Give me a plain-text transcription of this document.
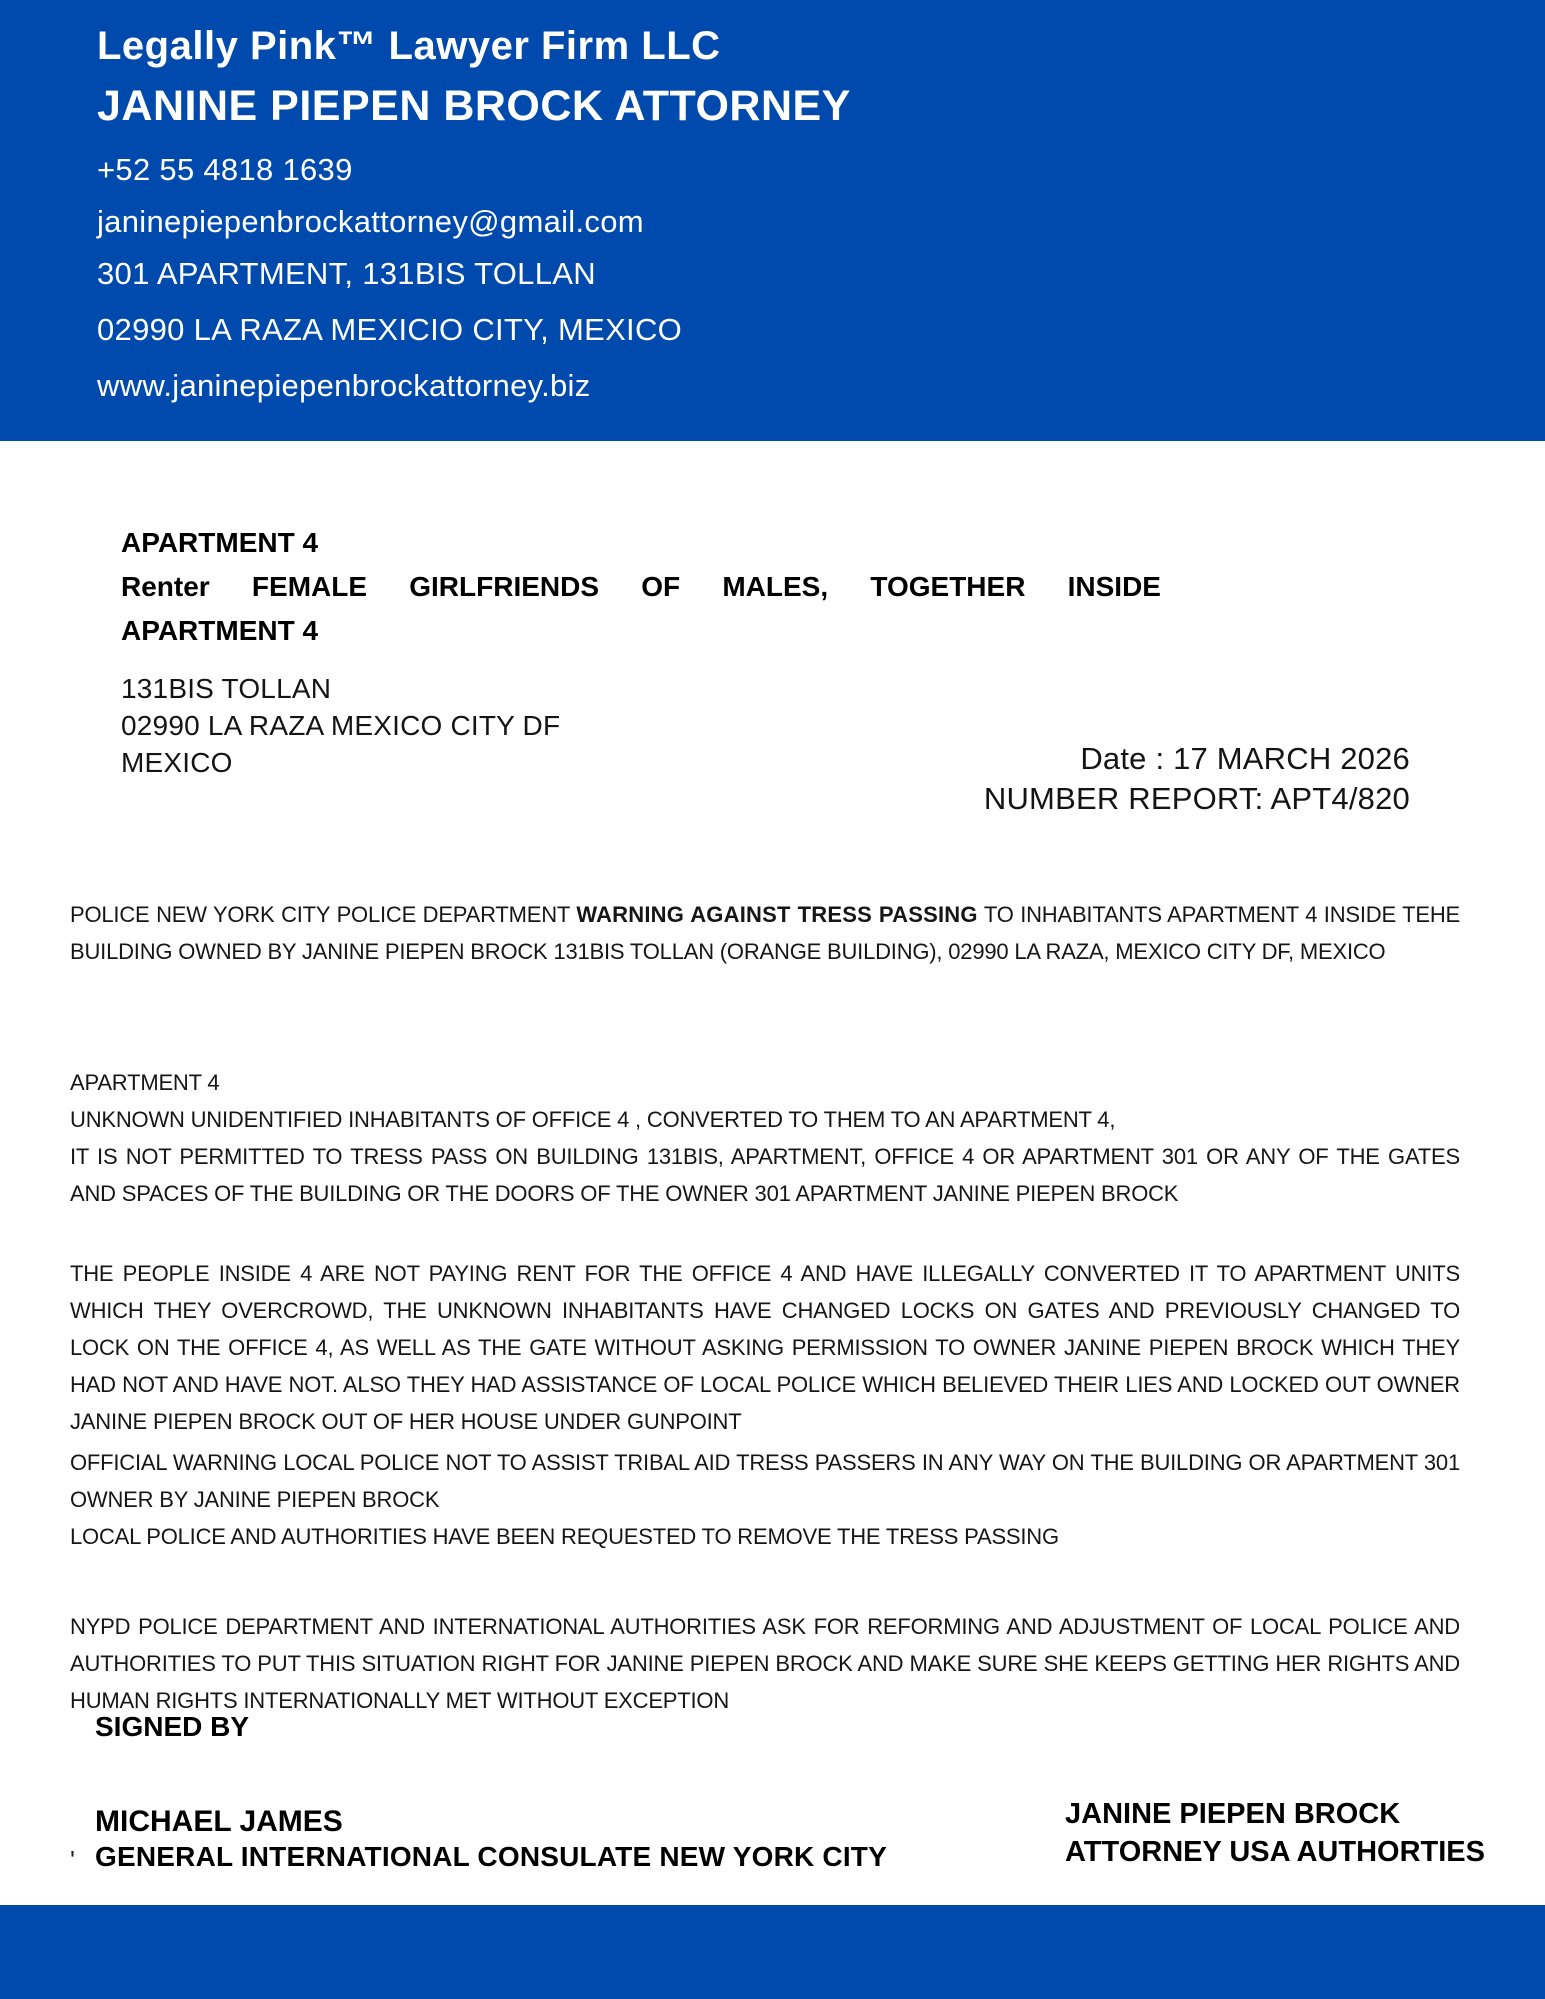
Legally Pink™ Lawyer Firm LLC
JANINE PIEPEN BROCK ATTORNEY
+52 55 4818 1639
janinepiepenbrockattorney@gmail.com
301 APARTMENT, 131BIS TOLLAN
02990 LA RAZA MEXICIO CITY, MEXICO
www.janinepiepenbrockattorney.biz
APARTMENT 4
Renter FEMALE GIRLFRIENDS OF MALES, TOGETHER INSIDE
APARTMENT 4
131BIS TOLLAN
02990 LA RAZA MEXICO CITY DF
MEXICO	Date : 17 MARCH 2026
NUMBER REPORT: APT4/820

POLICE NEW YORK CITY POLICE DEPARTMENT WARNING AGAINST TRESS PASSING TO INHABITANTS APARTMENT 4 INSIDE TEHE BUILDING OWNED BY JANINE PIEPEN BROCK 131BIS TOLLAN (ORANGE BUILDING), 02990 LA RAZA, MEXICO CITY DF, MEXICO

APARTMENT 4
UNKNOWN UNIDENTIFIED INHABITANTS OF OFFICE 4 , CONVERTED TO THEM TO AN APARTMENT 4,
IT IS NOT PERMITTED TO TRESS PASS ON BUILDING 131BIS, APARTMENT, OFFICE 4 OR APARTMENT 301 OR ANY OF THE GATES AND SPACES OF THE BUILDING OR THE DOORS OF THE OWNER 301 APARTMENT JANINE PIEPEN BROCK

THE PEOPLE INSIDE 4 ARE NOT PAYING RENT FOR THE OFFICE 4 AND HAVE ILLEGALLY CONVERTED IT TO APARTMENT UNITS WHICH THEY OVERCROWD, THE UNKNOWN INHABITANTS HAVE CHANGED LOCKS ON GATES AND PREVIOUSLY CHANGED TO LOCK ON THE OFFICE 4, AS WELL AS THE GATE WITHOUT ASKING PERMISSION TO OWNER JANINE PIEPEN BROCK WHICH THEY HAD NOT AND HAVE NOT. ALSO THEY HAD ASSISTANCE OF LOCAL POLICE WHICH BELIEVED THEIR LIES AND LOCKED OUT OWNER JANINE PIEPEN BROCK OUT OF HER HOUSE UNDER GUNPOINT

OFFICIAL WARNING LOCAL POLICE NOT TO ASSIST TRIBAL AID TRESS PASSERS IN ANY WAY ON THE BUILDING OR APARTMENT 301 OWNER BY JANINE PIEPEN BROCK
LOCAL POLICE AND AUTHORITIES HAVE BEEN REQUESTED TO REMOVE THE TRESS PASSING

NYPD POLICE DEPARTMENT AND INTERNATIONAL AUTHORITIES ASK FOR REFORMING AND ADJUSTMENT OF LOCAL POLICE AND AUTHORITIES TO PUT THIS SITUATION RIGHT FOR JANINE PIEPEN BROCK AND MAKE SURE SHE KEEPS GETTING HER RIGHTS AND HUMAN RIGHTS INTERNATIONALLY MET WITHOUT EXCEPTION

SIGNED BY
'
MICHAEL JAMES
GENERAL INTERNATIONAL CONSULATE NEW YORK CITY
JANINE PIEPEN BROCK
ATTORNEY USA AUTHORTIES
